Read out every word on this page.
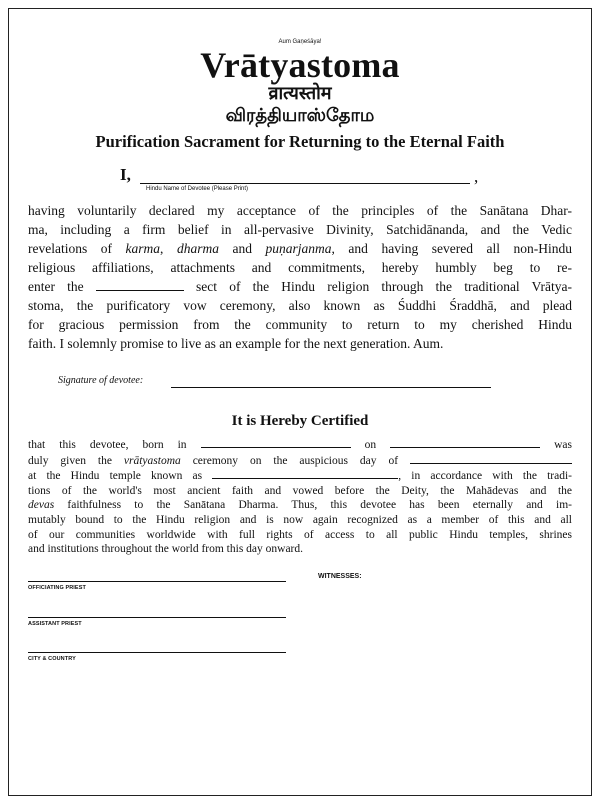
Aum Gaṇeśāya!
Vrātyastoma
व्रात्यस्तोम
விரத்தியாஸ்தோம
Purification Sacrament for Returning to the Eternal Faith
I,	,
Hindu Name of Devotee (Please Print)
having voluntarily declared my acceptance of the principles of the Sanātana Dhar-
ma, including a firm belief in all-pervasive Divinity, Satchidānanda, and the Vedic
revelations of karma, dharma and puṇarjanma, and having severed all non-Hindu
religious affiliations, attachments and commitments, hereby humbly beg to re-
enter the	sect of the Hindu religion through the traditional Vrātya-
stoma, the purificatory vow ceremony, also known as Śuddhi Śraddhā, and plead
for gracious permission from the community to return to my cherished Hindu
faith. I solemnly promise to live as an example for the next generation. Aum.
Signature of devotee:
It is Hereby Certified
that this devotee, born in	on	was
duly given the vrātyastoma ceremony on the auspicious day of
at the Hindu temple known as	, in accordance with the tradi-
tions of the world's most ancient faith and vowed before the Deity, the Mahādevas and the
devas faithfulness to the Sanātana Dharma. Thus, this devotee has been eternally and im-
mutably bound to the Hindu religion and is now again recognized as a member of this and all
of our communities worldwide with full rights of access to all public Hindu temples, shrines
and institutions throughout the world from this day onward.
OFFICIATING PRIEST
ASSISTANT PRIEST
CITY & COUNTRY
WITNESSES:
